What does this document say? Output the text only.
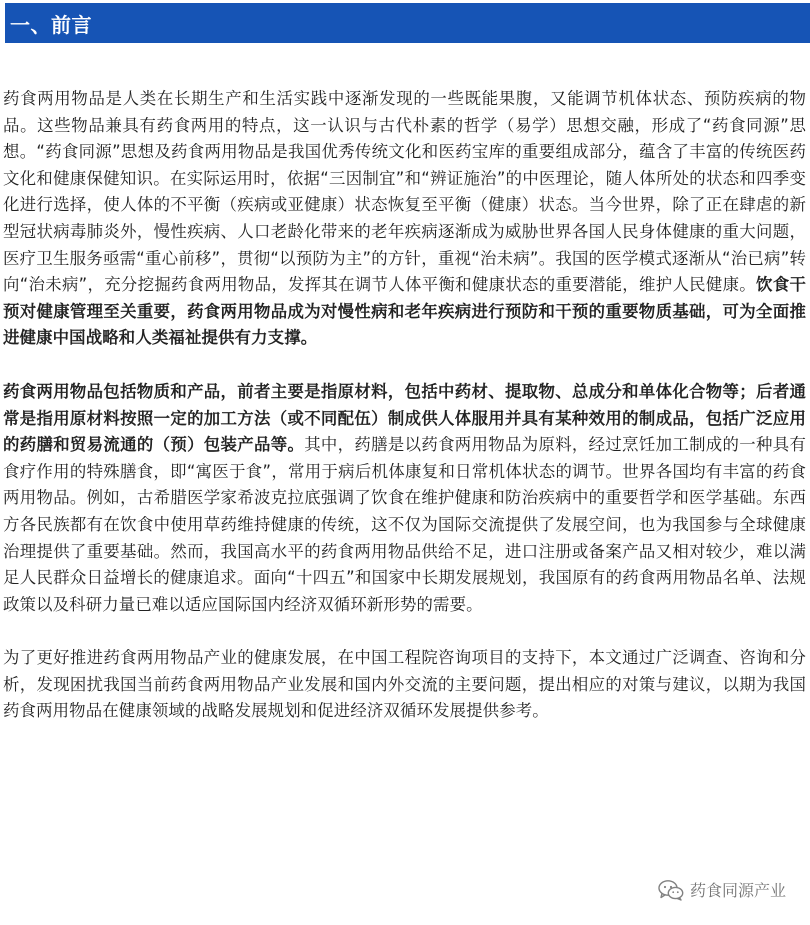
一、前言

药食两用物品是人类在长期生产和生活实践中逐渐发现的一些既能果腹，又能调节机体状态、预防疾病的物品。这些物品兼具有药食两用的特点，这一认识与古代朴素的哲学（易学）思想交融，形成了“药食同源”思想。“药食同源”思想及药食两用物品是我国优秀传统文化和医药宝库的重要组成部分，蕴含了丰富的传统医药文化和健康保健知识。在实际运用时，依据“三因制宜”和“辨证施治”的中医理论，随人体所处的状态和四季变化进行选择，使人体的不平衡（疾病或亚健康）状态恢复至平衡（健康）状态。当今世界，除了正在肆虐的新型冠状病毒肺炎外，慢性疾病、人口老龄化带来的老年疾病逐渐成为威胁世界各国人民身体健康的重大问题，医疗卫生服务亟需“重心前移”，贯彻“以预防为主”的方针，重视“治未病”。我国的医学模式逐渐从“治已病”转向“治未病”，充分挖掘药食两用物品，发挥其在调节人体平衡和健康状态的重要潜能，维护人民健康。饮食干预对健康管理至关重要，药食两用物品成为对慢性病和老年疾病进行预防和干预的重要物质基础，可为全面推进健康中国战略和人类福祉提供有力支撑。

药食两用物品包括物质和产品，前者主要是指原材料，包括中药材、提取物、总成分和单体化合物等；后者通常是指用原材料按照一定的加工方法（或不同配伍）制成供人体服用并具有某种效用的制成品，包括广泛应用的药膳和贸易流通的（预）包装产品等。其中，药膳是以药食两用物品为原料，经过烹饪加工制成的一种具有食疗作用的特殊膳食，即“寓医于食”，常用于病后机体康复和日常机体状态的调节。世界各国均有丰富的药食两用物品。例如，古希腊医学家希波克拉底强调了饮食在维护健康和防治疾病中的重要哲学和医学基础。东西方各民族都有在饮食中使用草药维持健康的传统，这不仅为国际交流提供了发展空间，也为我国参与全球健康治理提供了重要基础。然而，我国高水平的药食两用物品供给不足，进口注册或备案产品又相对较少，难以满足人民群众日益增长的健康追求。面向“十四五”和国家中长期发展规划，我国原有的药食两用物品名单、法规政策以及科研力量已难以适应国际国内经济双循环新形势的需要。

为了更好推进药食两用物品产业的健康发展，在中国工程院咨询项目的支持下，本文通过广泛调查、咨询和分析，发现困扰我国当前药食两用物品产业发展和国内外交流的主要问题，提出相应的对策与建议，以期为我国药食两用物品在健康领域的战略发展规划和促进经济双循环发展提供参考。

药食同源产业
